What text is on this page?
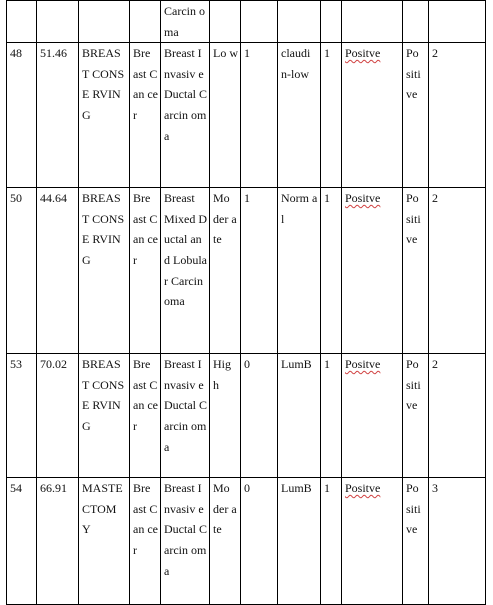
				Carcin oma							
48	51.46	BREAS T CONSE RVING	Bre ast Can cer	Breast Invasiv e Ductal Carcin oma	Lo w	1	claudi n-low	1	Positve	Po siti ve	2
50	44.64	BREAS T CONSE RVING	Bre ast Can cer	Breast Mixed Ductal and Lobula r Carcin oma	Mo der ate	1	Norm al	1	Positve	Po siti ve	2
53	70.02	BREAS T CONSE RVING	Bre ast Can cer	Breast Invasiv e Ductal Carcin oma	Hig h	0	LumB	1	Positve	Po siti ve	2
54	66.91	MASTE CTOM Y	Bre ast Can cer	Breast Invasiv e Ductal Carcin oma	Mo der ate	0	LumB	1	Positve	Po siti ve	3
